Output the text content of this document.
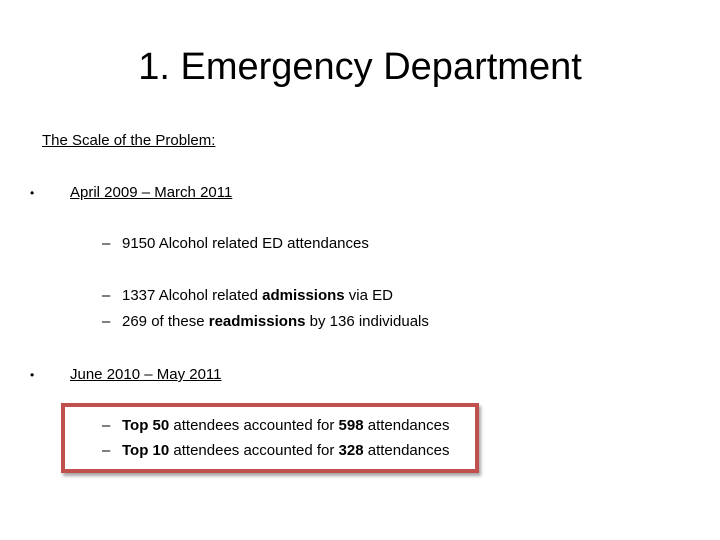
1. Emergency Department
The Scale of the Problem:
• April 2009 – March 2011
– 9150 Alcohol related ED attendances
– 1337 Alcohol related admissions via ED
– 269 of these readmissions by 136 individuals
• June 2010 – May 2011
– Top 50 attendees accounted for 598 attendances
– Top 10 attendees accounted for 328 attendances
